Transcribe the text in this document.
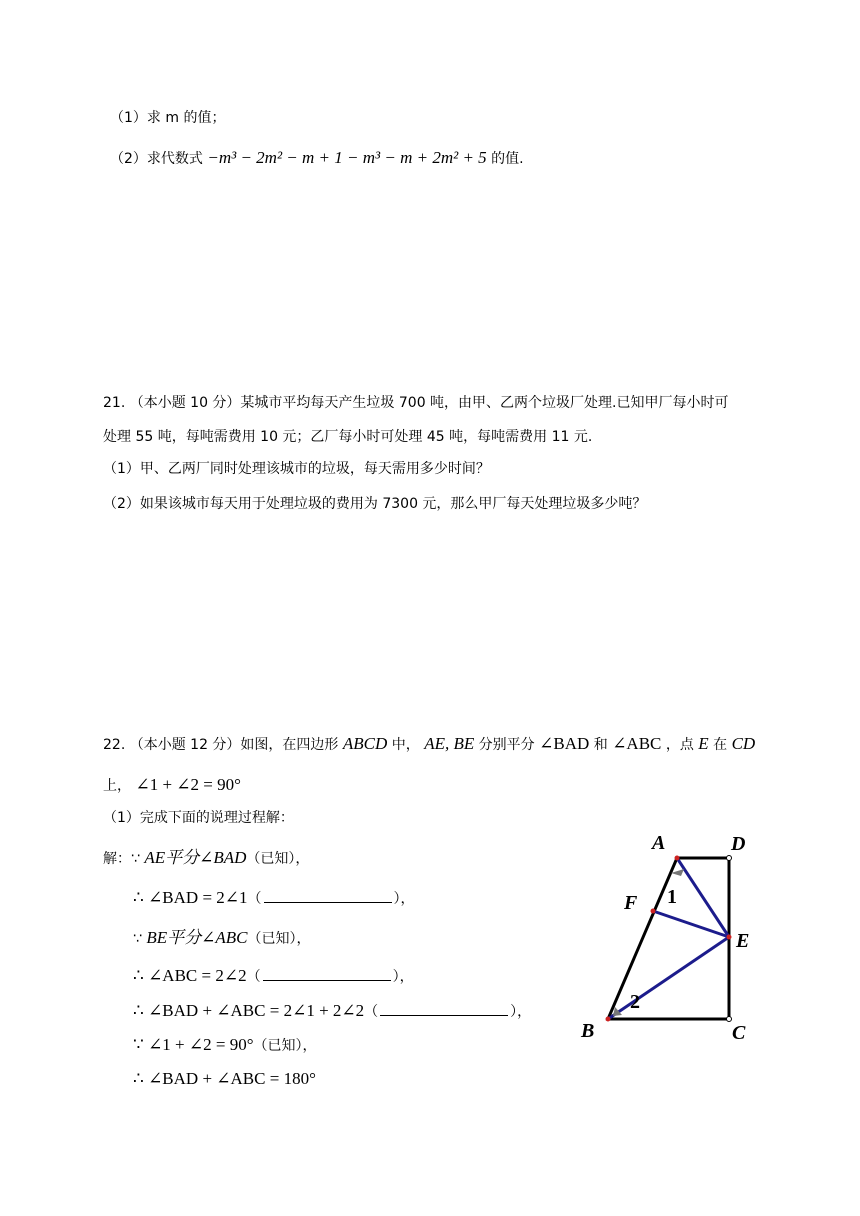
（1）求 m 的值；
（2）求代数式 −m³ − 2m² − m + 1 − m³ − m + 2m² + 5 的值.
21. （本小题 10 分）某城市平均每天产生垃圾 700 吨，由甲、乙两个垃圾厂处理.已知甲厂每小时可
处理 55 吨，每吨需费用 10 元；乙厂每小时可处理 45 吨，每吨需费用 11 元.
（1）甲、乙两厂同时处理该城市的垃圾，每天需用多少时间？
（2）如果该城市每天用于处理垃圾的费用为 7300 元，那么甲厂每天处理垃圾多少吨？
22. （本小题 12 分）如图，在四边形 ABCD 中， AE, BE 分别平分 ∠BAD 和 ∠ABC ，点 E 在 CD
上， ∠1 + ∠2 = 90°
（1）完成下面的说理过程解：
解：∵ AE平分∠BAD（已知），
∴ ∠BAD = 2∠1（	），
∵ BE平分∠ABC（已知），
∴ ∠ABC = 2∠2（	），
∴ ∠BAD + ∠ABC = 2∠1 + 2∠2（	），
∵ ∠1 + ∠2 = 90°（已知），
∴ ∠BAD + ∠ABC = 180°
A	D
F
E
B	C
1
2
